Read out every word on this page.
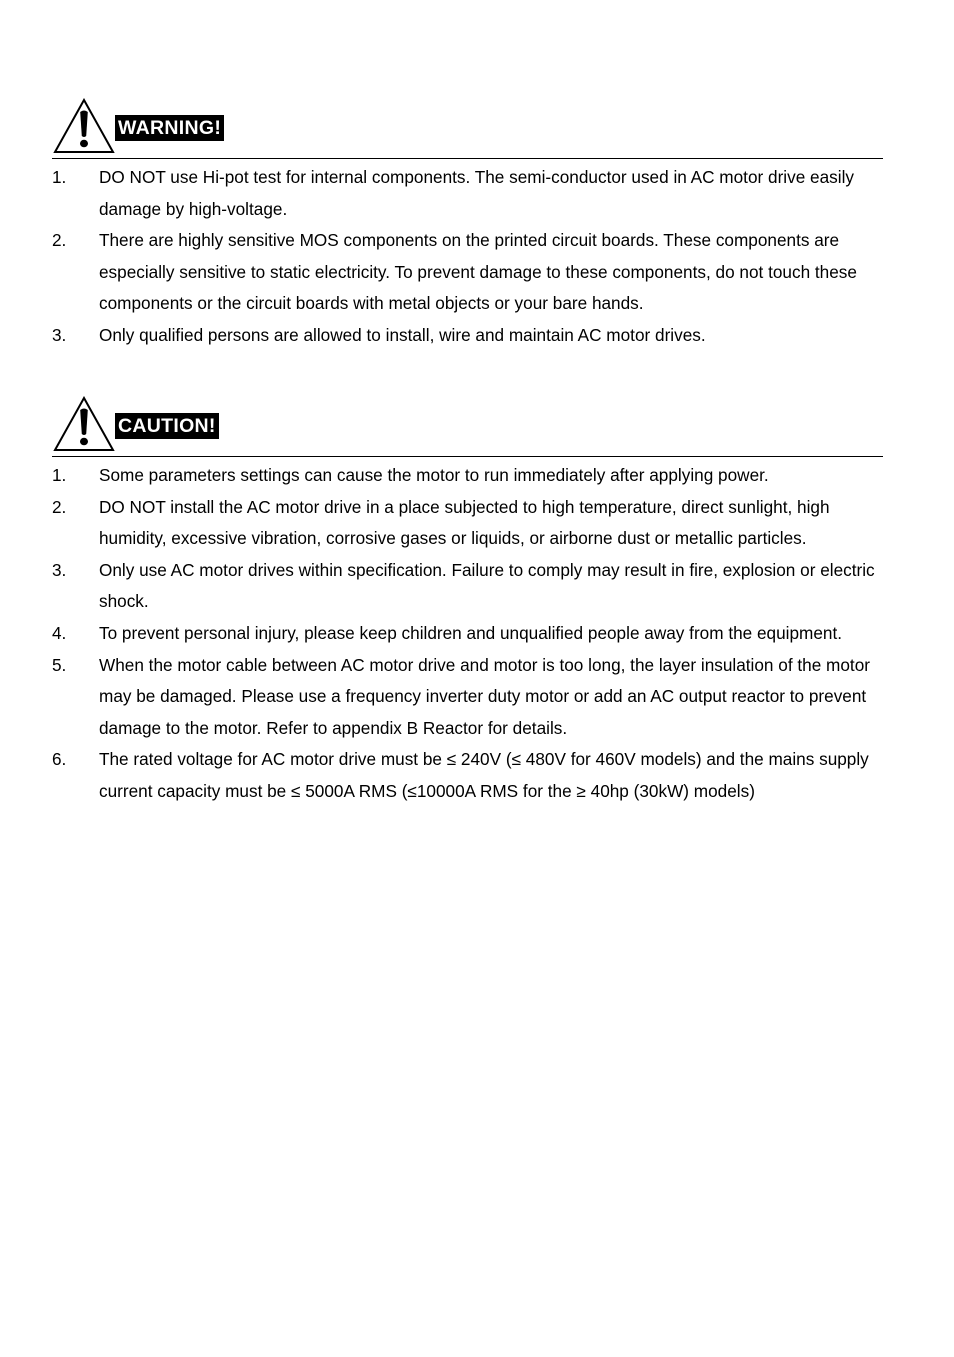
WARNING!
1. DO NOT use Hi-pot test for internal components. The semi-conductor used in AC motor drive easily damage by high-voltage.
2. There are highly sensitive MOS components on the printed circuit boards. These components are especially sensitive to static electricity. To prevent damage to these components, do not touch these components or the circuit boards with metal objects or your bare hands.
3. Only qualified persons are allowed to install, wire and maintain AC motor drives.
CAUTION!
1. Some parameters settings can cause the motor to run immediately after applying power.
2. DO NOT install the AC motor drive in a place subjected to high temperature, direct sunlight, high humidity, excessive vibration, corrosive gases or liquids, or airborne dust or metallic particles.
3. Only use AC motor drives within specification. Failure to comply may result in fire, explosion or electric shock.
4. To prevent personal injury, please keep children and unqualified people away from the equipment.
5. When the motor cable between AC motor drive and motor is too long, the layer insulation of the motor may be damaged. Please use a frequency inverter duty motor or add an AC output reactor to prevent damage to the motor. Refer to appendix B Reactor for details.
6. The rated voltage for AC motor drive must be ≤ 240V (≤ 480V for 460V models) and the mains supply current capacity must be ≤ 5000A RMS (≤10000A RMS for the ≥ 40hp (30kW) models)
